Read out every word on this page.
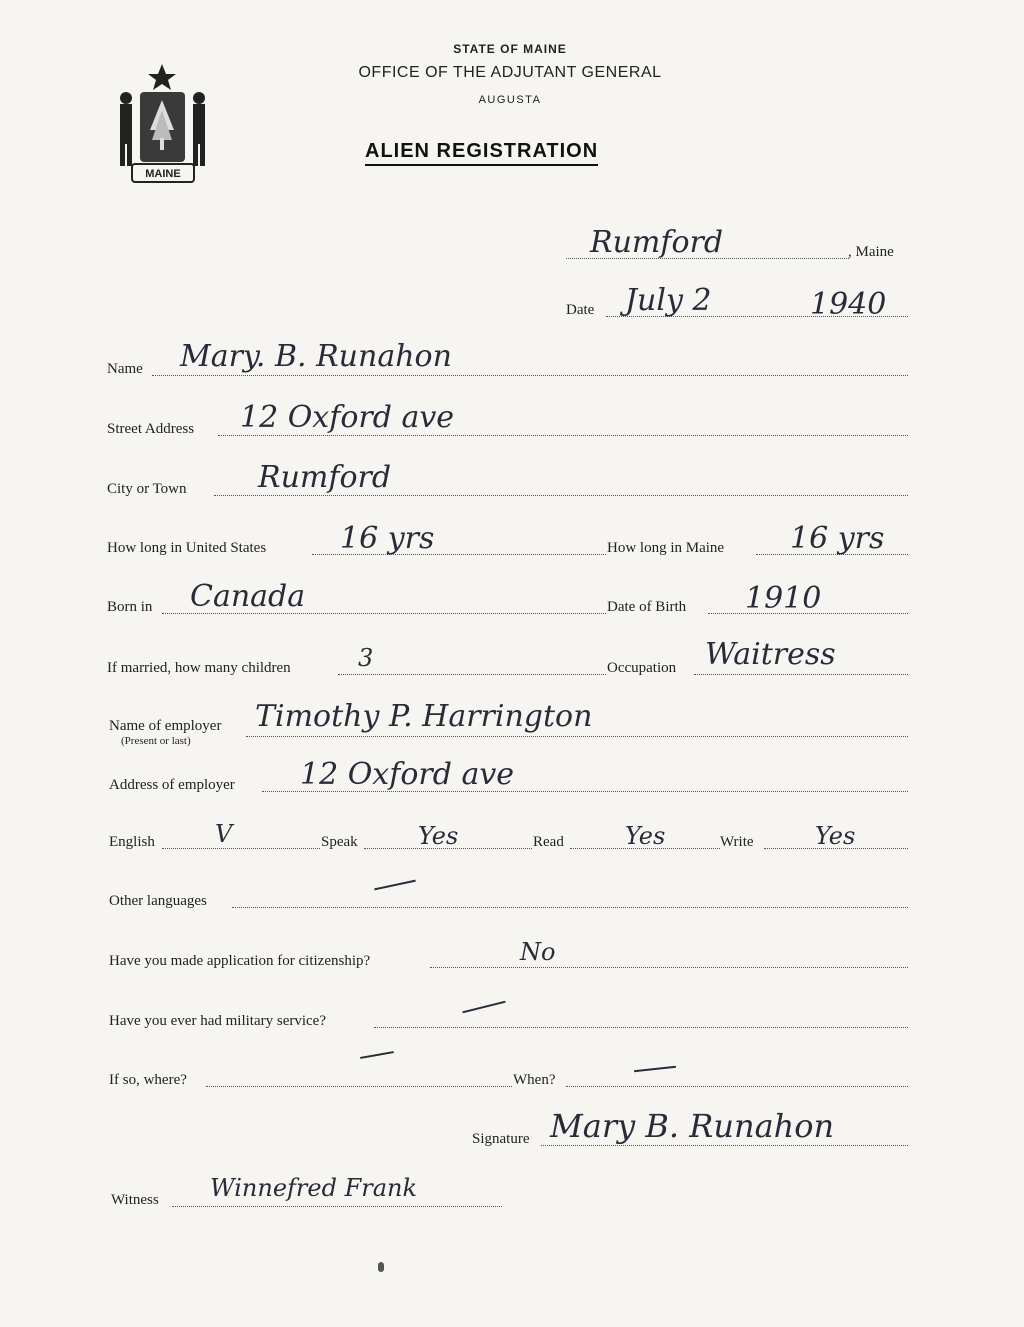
MAINE
STATE OF MAINE
OFFICE OF THE ADJUTANT GENERAL
AUGUSTA
ALIEN REGISTRATION
Rumford	, Maine
Date July 2	1940
Name Mary. B. Runahon
Street Address 12 Oxford ave
City or Town Rumford
How long in United States 16 yrs	How long in Maine 16 yrs
Born in Canada	Date of Birth 1910
If married, how many children	3	Occupation Waitress
Name of employer
(Present or last)
Timothy P. Harrington
Address of employer 12 Oxford ave
English	V	Speak	Yes	Read	Yes	Write	Yes
Other languages
Have you made application for citizenship?	No
Have you ever had military service?
If so, where?	When?
Signature Mary B. Runahon
Witness Winnefred Frank
